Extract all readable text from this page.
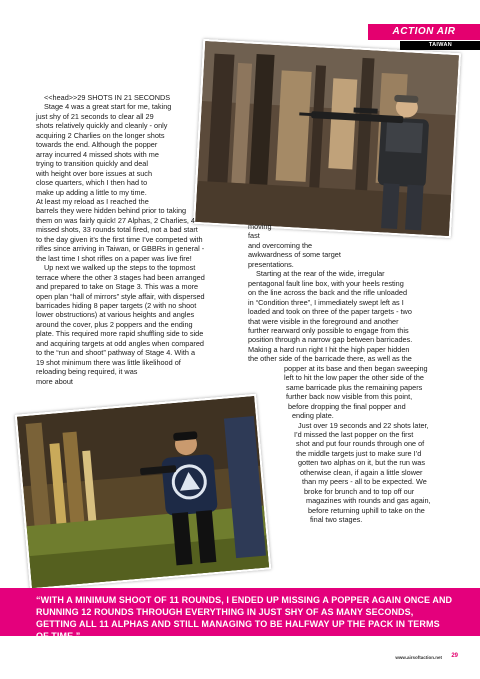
ACTION AIR
TAIWAN

<<head>>29 SHOTS IN 21 SECONDS

Stage 4 was a great start for me, taking

just shy of 21 seconds to clear all 29

shots relatively quickly and cleanly - only

acquiring 2 Charlies on the longer shots

towards the end. Although the popper

array incurred 4 missed shots with me

trying to transition quickly and deal

with height over bore issues at such

close quarters, which I then had to

make up adding a little to my time.

At least my reload as I reached the

barrels they were hidden behind prior to taking

them on was fairly quick! 27 Alphas, 2 Charlies, 4

missed shots, 33 rounds total fired, not a bad start

to the day given it’s the first time I’ve competed with

rifles since arriving in Taiwan, or GBBRs in general -

the last time I shot rifles on a paper was live fire!

Up next we walked up the steps to the topmost

terrace where the other 3 stages had been arranged

and prepared to take on Stage 3. This was a more

open plan “hall of mirrors” style affair, with dispersed

barricades hiding 8 paper targets (2 with no shoot

lower obstructions) at various heights and angles

around the cover, plus 2 poppers and the ending

plate. This required more rapid shuffling side to side

and acquiring targets at odd angles when compared

to the “run and shoot” pathway of Stage 4. With a

19 shot minimum there was little likelihood of

reloading being required, it was

more about

moving

fast

and overcoming the

awkwardness of some target

presentations.

Starting at the rear of the wide, irregular

pentagonal fault line box, with your heels resting

on the line across the back and the rifle unloaded

in “Condition three”, I immediately swept left as I

loaded and took on three of the paper targets - two

that were visible in the foreground and another

further rearward only possible to engage from this

position through a narrow gap between barricades.

Making a hard run right I hit the high paper hidden

the other side of the barricade there, as well as the

popper at its base and then began sweeping

left to hit the low paper the other side of the

same barricade plus the remaining papers

further back now visible from this point,

before dropping the final popper and

ending plate.

Just over 19 seconds and 22 shots later,

I’d missed the last popper on the first

shot and put four rounds through one of

the middle targets just to make sure I’d

gotten two alphas on it, but the run was

otherwise clean, if again a little slower

than my peers - all to be expected. We

broke for brunch and to top off our

magazines with rounds and gas again,

before returning uphill to take on the

final two stages.

“WITH A MINIMUM SHOOT OF 11 ROUNDS, I ENDED UP MISSING A POPPER AGAIN ONCE AND RUNNING 12 ROUNDS THROUGH EVERYTHING IN JUST SHY OF AS MANY SECONDS, GETTING ALL 11 ALPHAS AND STILL MANAGING TO BE HALFWAY UP THE PACK IN TERMS OF TIME.”
www.airsoftaction.net 29
